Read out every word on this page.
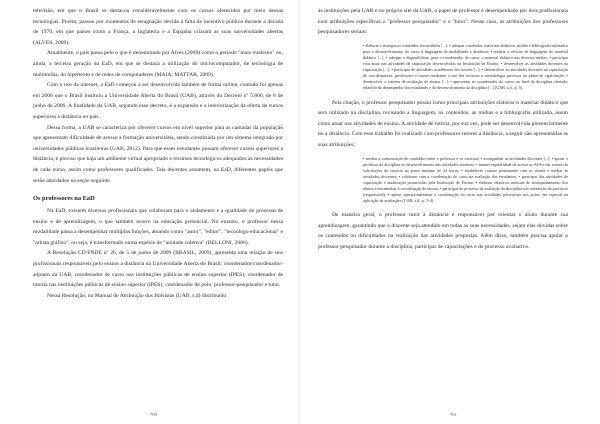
televisão, em que o Brasil se destacou consideravelmente com os cursos oferecidos por meio dessas tecnologias. Porém, passou por momentos de estagnação devido à falta de incentivo público durante a década de 1970, em que países como a França, a Inglaterra e a Espanha criaram as suas universidades abertas (ALVES, 2009).

Atualmente, o país passa pelo o que é denominado por Alves (2009) como o período "mais moderno" ou, ainda, a terceira geração da EaD, em que se destaca a utilização do microcomputador, de tecnologia de multimídia, do hipertexto e de redes de computadores (MAIA; MATTAR, 2009).

Com o uso da internet, a EaD começou a ser desenvolvida também de forma online, contudo foi apenas em 2006 que o Brasil instituiu a Universidade Aberta do Brasil (UAB), através do Decreto nº 5.800, de 8 de junho de 2006. A finalidade da UAB, segundo esse decreto, é a expansão e a interiorização da oferta de cursos superiores a distância no país.

Dessa forma, a UAB se caracteriza por oferecer cursos em nível superior para as camadas da população que apresentam dificuldade de acesso à formação universitária, sendo constituída por um sistema integrado por universidades públicas brasileiras (UAB, 2012). Para que esses estudantes possam oferecer cursos superiores a distância, é preciso que haja um ambiente virtual apropriado e recursos tecnológicos adequados às necessidades de cada curso, assim como professores qualificados. Tais docentes assumem, na EaD, diferentes papéis que serão abordados na seção seguinte.

Os professores na EaD

Na EaD, existem diversos profissionais que colaboram para o andamento e a qualidade do processo de ensino e de aprendizagem, o que também ocorre na educação presencial. No entanto, o professor nessa modalidade passa a desempenhar múltiplas funções, atuando como "autor", "editor", "tecnólogo educacional" e "artista gráfico", ou seja, é transformado numa espécie de "unidade coletiva" (BELLONI, 2006).

A Resolução CD/FNDE nº 26, de 5 de junho de 2009 (BRASIL, 2009), apresenta uma relação de seis profissionais responsáveis pelo ensino a distância na Universidade Aberta do Brasil: coordenador/coordenador-adjunto da UAB, coordenador de curso nas instituições públicas de ensino superior (IPES), coordenador de tutoria nas instituições públicas de ensino superior (IPES), coordenador de polo, professor-pesquisador e tutor.

Nessa Resolução, no Manual de Atribuição dos Bolsistas (UAB, s.d) distribuído

700

às instituições pela UAB e no próprio site da UAB, o papel de professor é desempenhado por dois profissionais com atribuições específicas o "professor pesquisador" e o "tutor". Nesse caso, as atribuições dos professores pesquisadores seriam:

• elaborar e entregar os conteúdos dos módulos [...]; • adequar conteúdos, materiais didáticos, mídias e bibliografia utilizados para o desenvolvimento do curso à linguagem da modalidade a distância; • realizar a revisão de linguagem do material didático [...]; • adequar e disponibilizar, para o coordenador de curso, o material didático nas diversas mídias; • participar e/ou atuar nas atividades de capacitação desenvolvidas na Instituição de Ensino; • desenvolver as atividades docentes na capacitação [...]; • participar de atividades acadêmicas dos tutores [...]; • desenvolver as atividades docentes na capacitação de coordenadores, professores e tutores mediante o uso dos recursos e metodologia previstos no plano de capacitação; • desenvolver o sistema de avaliação de alunos [...]; • apresentar ao coordenador do curso, ao final da disciplina ofertada, relatório do desempenho dos estudantes e do desenvolvimento da disciplina [...] (UAB, s.d., p. 5).

Pela citação, o professor pesquisador possui como principais atribuições elaborar o material didático que será utilizado na disciplina, revisando a linguagem, os conteúdos, as mídias e a bibliografia utilizada, assim como atuar nas atividades de ensino. A atividade de tutoria, por sua vez, pode ser desenvolvida presencialmente ou a distância. Com esse trabalho foi realizado com professores tutores a distância, a seguir são apresentadas as suas atribuições:

• mediar a comunicação de conteúdos entre o professor e os cursistas; • acompanhar as atividades discentes [...]; • apoiar o professor da disciplina no desenvolvimento das atividades docentes; • manter regularidade de acesso ao AVA e dar retorno às solicitações do cursista no prazo máximo de 24 horas; • estabelecer contato permanente com os alunos e mediar as atividades discentes; • colaborar com a coordenação do curso na avaliação dos estudantes; • participar das atividades de capacitação e atualização promovidas pela Instituição de Ensino; • elaborar relatórios mensais de acompanhamento dos alunos e encaminhar à coordenação de tutoria; • participar do processo de avaliação da disciplina sob orientação do professor (responsável); • apoiar operacionalmente a coordenação do curso nas atividades presenciais nos polos, em especial na aplicação de avaliações (UAB, s.d., p. 3-4).

De maneira geral, o professor tutor à distância é responsável por orientar o aluno durante sua aprendizagem, garantindo que o discente seja atendido em todas as suas necessidades, sejam elas dúvidas sobre os conteúdos ou dificuldades na realização das atividades propostas. Além disso, também precisa apoiar o professor pesquisador durante a disciplina, participar de capacitações e do processo avaliativo.

701
